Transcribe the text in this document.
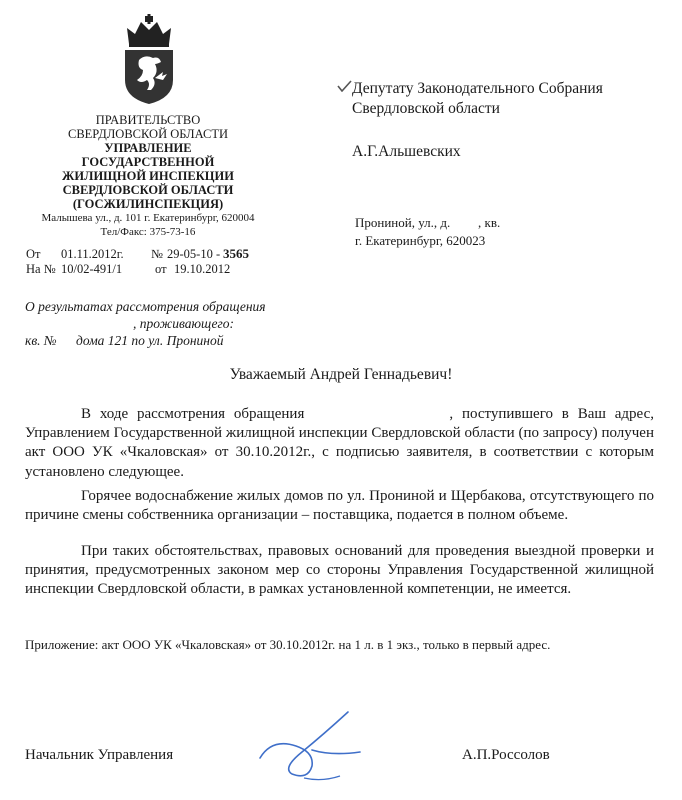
ПРАВИТЕЛЬСТВО
СВЕРДЛОВСКОЙ ОБЛАСТИ
УПРАВЛЕНИЕ
ГОСУДАРСТВЕННОЙ
ЖИЛИЩНОЙ ИНСПЕКЦИИ
СВЕРДЛОВСКОЙ ОБЛАСТИ
(ГОСЖИЛИНСПЕКЦИЯ)
Малышева ул., д. 101 г. Екатеринбург, 620004
Тел/Факс: 375-73-16
От 01.11.2012г. № 29-05-10 - 3565
На № 10/02-491/1	от 19.10.2012
Депутату Законодательного Собрания
Свердловской области
А.Г.Альшевских
Прониной, ул., д. , кв.
г. Екатеринбург, 620023
О результатах рассмотрения обращения
, проживающего:
кв. № дома 121 по ул. Прониной
Уважаемый Андрей Геннадьевич!
В ходе рассмотрения обращения	, поступившего в Ваш адрес, Управлением Государственной жилищной инспекции Свердловской области (по запросу) получен акт ООО УК «Чкаловская» от 30.10.2012г., с подписью заявителя, в соответствии с которым установлено следующее.
Горячее водоснабжение жилых домов по ул. Прониной и Щербакова, отсутствующего по причине смены собственника организации – поставщика, подается в полном объеме.
При таких обстоятельствах, правовых оснований для проведения выездной проверки и принятия, предусмотренных законом мер со стороны Управления Государственной жилищной инспекции Свердловской области, в рамках установленной компетенции, не имеется.
Приложение: акт ООО УК «Чкаловская» от 30.10.2012г. на 1 л. в 1 экз., только в первый адрес.
Начальник Управления	А.П.Россолов
